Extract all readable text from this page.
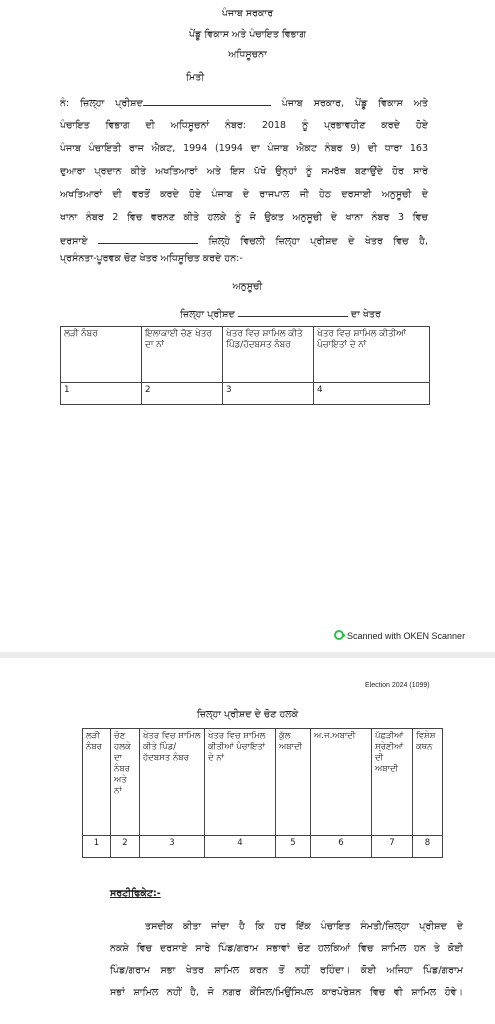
ਪੰਜਾਬ ਸਰਕਾਰ
ਪੇਂਡੂ ਵਿਕਾਸ ਅਤੇ ਪੰਚਾਇਤ ਵਿਭਾਗ
ਅਧਿਸੂਚਨਾ
ਮਿਤੀ
ਨੰ: ਜ਼ਿਲ੍ਹਾ ਪ੍ਰੀਸ਼ਦ	ਪੰਜਾਬ ਸਰਕਾਰ, ਪੇਂਡੂ ਵਿਕਾਸ ਅਤੇ
ਪੰਚਾਇਤ ਵਿਭਾਗ ਦੀ ਅਧਿਸੂਚਨਾਂ ਨੰਬਰ: 2018 ਨੂੰ ਪ੍ਰਭਾਵਹੀਣ ਕਰਦੇ ਹੋਏ
ਪੰਜਾਬ ਪੰਚਾਇਤੀ ਰਾਜ ਐਕਟ, 1994 (1994 ਦਾ ਪੰਜਾਬ ਐਕਟ ਨੰਬਰ 9) ਦੀ ਧਾਰਾ 163
ਦੁਆਰਾ ਪ੍ਰਦਾਨ ਕੀਤੇ ਅਖਤਿਆਰਾਂ ਅਤੇ ਇਸ ਪੱਖੋ ਉਨ੍ਹਾਂ ਨੂੰ ਸਮਰੱਥ ਬਣਾਉਂਦੇ ਹੋਰ ਸਾਰੇ
ਅਖਤਿਆਰਾਂ ਦੀ ਵਰਤੋਂ ਕਰਦੇ ਹੋਏ ਪੰਜਾਬ ਦੇ ਰਾਜਪਾਲ ਜੀ ਹੇਠ ਦਰਸਾਈ ਅਨੁਸੂਚੀ ਦੇ
ਖਾਨਾ ਨੰਬਰ 2 ਵਿਚ ਵਰਨਣ ਕੀਤੇ ਹਲਕੇ ਨੂੰ ਜੋ ਉਕਤ ਅਨੁਸੂਚੀ ਦੇ ਖਾਨਾ ਨੰਬਰ 3 ਵਿਚ
ਦਰਸਾਏ	ਜ਼ਿਲ੍ਹੇ ਵਿਚਲੀ ਜ਼ਿਲ੍ਹਾ ਪ੍ਰੀਸ਼ਦ ਦੇ ਖੇਤਰ ਵਿਚ ਹੈ,
ਪ੍ਰਸੰਨਤਾ-ਪੂਰਵਕ ਚੋਣ ਖੇਤਰ ਅਧਿਸੂਚਿਤ ਕਰਦੇ ਹਨ:-
ਅਨੁਸੂਚੀ
ਜ਼ਿਲ੍ਹਾ ਪ੍ਰੀਸ਼ਦ	ਦਾ ਖੇਤਰ
ਲੜੀ ਨੰਬਰ	ਇਲਾਕਾਈ ਚੋਣ ਖੇਤਰ ਦਾ ਨਾਂ	ਖੇਤਰ ਵਿਚ ਸ਼ਾਮਿਲ ਕੀਤੇ ਪਿੰਡ/ਹੱਦਬਸਤ ਨੰਬਰ	ਖੇਤਰ ਵਿਚ ਸ਼ਾਮਿਲ ਕੀਤੀਆਂ ਪੰਚਾਇਤਾਂ ਦੇ ਨਾਂ
1	2	3	4
Scanned with OKEN Scanner
Election 2024 (1099)
ਜ਼ਿਲ੍ਹਾ ਪ੍ਰੀਸ਼ਦ ਦੇ ਚੋਣ ਹਲਕੇ
ਲੜੀ ਨੰਬਰ	ਚੋਣ ਹਲਕੇ ਦਾ ਨੰਬਰ ਅਤੇ ਨਾਂ	ਖੇਤਰ ਵਿਚ ਸ਼ਾਮਿਲ ਕੀਤੇ ਪਿੰਡ/ਹੱਦਬਸਤ ਨੰਬਰ	ਖੇਤਰ ਵਿਚ ਸ਼ਾਮਿਲ ਕੀਤੀਆਂ ਪੰਚਾਇਤਾਂ ਦੇ ਨਾਂ	ਕੁੱਲ ਅਬਾਦੀ	ਅ.ਜ.ਅਬਾਦੀ	ਪੱਛੜੀਆਂ ਸ਼੍ਰੇਣੀਆਂ ਦੀ ਅਬਾਦੀ	ਵਿਸ਼ੇਸ਼ ਕਥਨ
1	2	3	4	5	6	7	8
ਸਰਟੀਫਿਕੇਟ:-
ਤਸਦੀਕ ਕੀਤਾ ਜਾਂਦਾ ਹੈ ਕਿ ਹਰ ਇੱਕ ਪੰਚਾਇਤ ਸੰਮਤੀ/ਜ਼ਿਲ੍ਹਾ ਪ੍ਰੀਸ਼ਦ ਦੇ
ਨਕਸ਼ੇ ਵਿਚ ਦਰਸਾਏ ਸਾਰੇ ਪਿੰਡ/ਗਰਾਮ ਸਭਾਵਾਂ ਚੋਣ ਹਲਕਿਆਂ ਵਿਚ ਸ਼ਾਮਿਲ ਹਨ ਤੇ ਕੋਈ
ਪਿੰਡ/ਗਰਾਮ ਸਭਾ ਖੇਤਰ ਸ਼ਾਮਿਲ ਕਰਨ ਤੋਂ ਨਹੀਂ ਰਹਿੰਦਾ। ਕੋਈ ਅਜਿਹਾ ਪਿੰਡ/ਗਰਾਮ
ਸਭਾਂ ਸ਼ਾਮਿਲ ਨਹੀਂ ਹੈ, ਜੋ ਨਗਰ ਕੌਂਸਿਲ/ਮਿਉਂਸਿਪਲ ਕਾਰਪੋਰੇਸ਼ਨ ਵਿਚ ਵੀ ਸ਼ਾਮਿਲ ਹੋਵੇ।
